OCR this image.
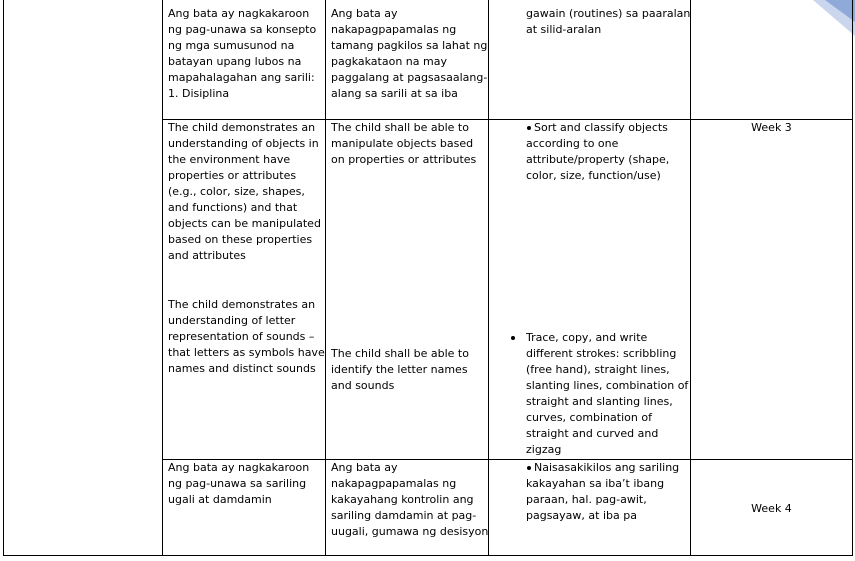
Ang bata ay nagkakaroon
ng pag-unawa sa konsepto
ng mga sumusunod na
batayan upang lubos na
mapahalagahan ang sarili:
1. Disiplina
Ang bata ay
nakapagpapamalas ng
tamang pagkilos sa lahat ng
pagkakataon na may
paggalang at pagsasaalang-
alang sa sarili at sa iba
gawain (routines) sa paaralan
at silid-aralan
The child demonstrates an
understanding of objects in
the environment have
properties or attributes
(e.g., color, size, shapes,
and functions) and that
objects can be manipulated
based on these properties
and attributes
The child demonstrates an
understanding of letter
representation of sounds –
that letters as symbols have
names and distinct sounds
The child shall be able to
manipulate objects based
on properties or attributes
The child shall be able to
identify the letter names
and sounds
Sort and classify objects
according to one
attribute/property (shape,
color, size, function/use)
Trace, copy, and write
different strokes: scribbling
(free hand), straight lines,
slanting lines, combination of
straight and slanting lines,
curves, combination of
straight and curved and
zigzag
Week 3
Ang bata ay nagkakaroon
ng pag-unawa sa sariling
ugali at damdamin
Ang bata ay
nakapagpapamalas ng
kakayahang kontrolin ang
sariling damdamin at pag-
uugali, gumawa ng desisyon
Naisasakikilos ang sariling
kakayahan sa iba’t ibang
paraan, hal. pag-awit,
pagsayaw, at iba pa
Week 4
